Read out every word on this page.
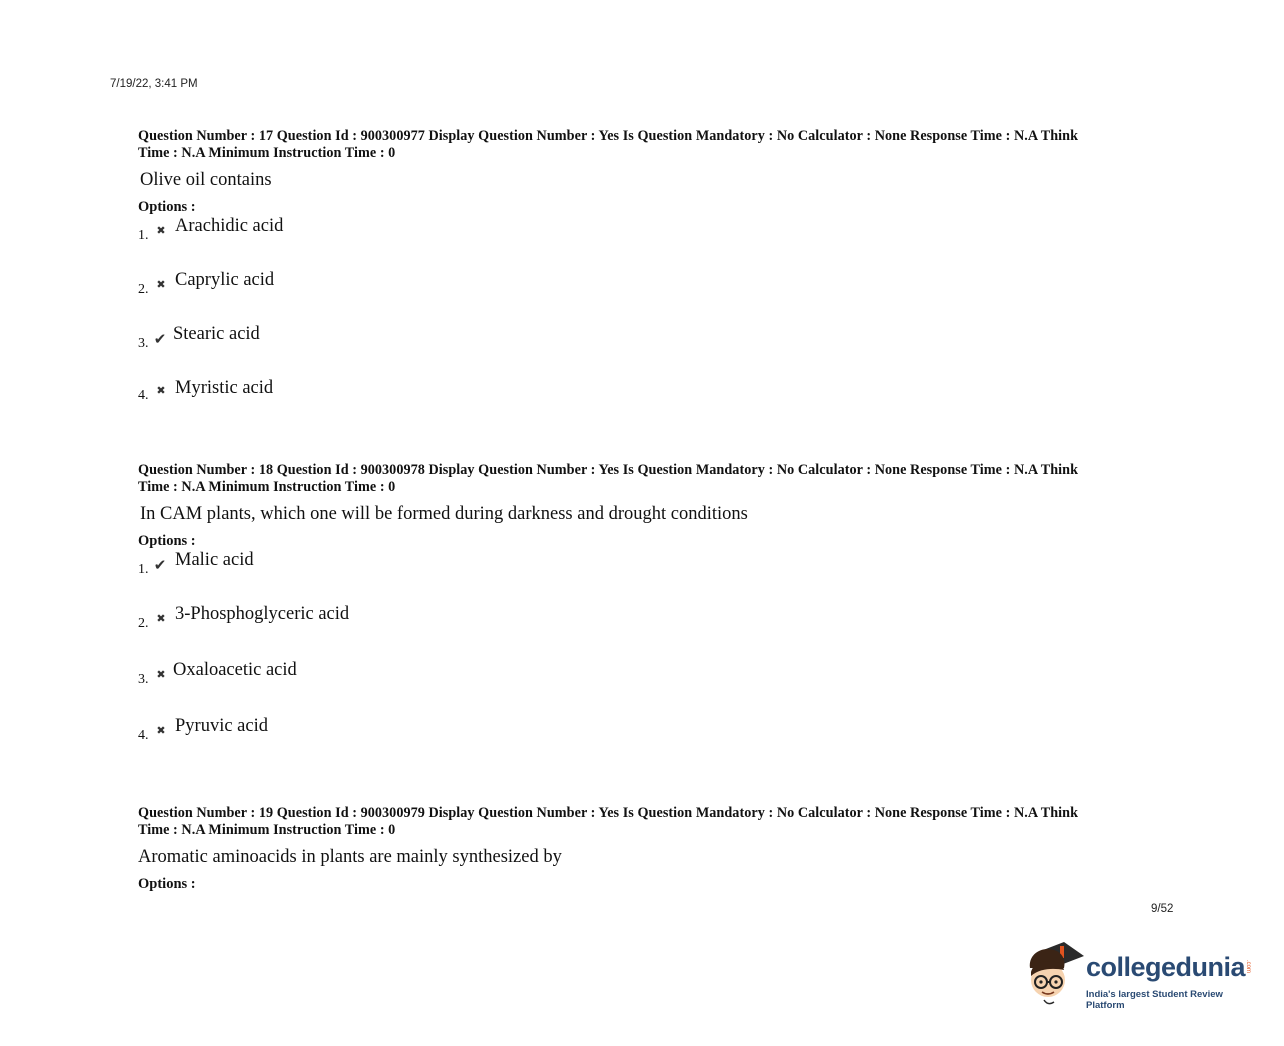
7/19/22, 3:41 PM
Question Number : 17 Question Id : 900300977 Display Question Number : Yes Is Question Mandatory : No Calculator : None Response Time : N.A Think
Time : N.A Minimum Instruction Time : 0
Olive oil contains
Options :
1. ✖ Arachidic acid
2. ✖ Caprylic acid
3. ✔ Stearic acid
4. ✖ Myristic acid
Question Number : 18 Question Id : 900300978 Display Question Number : Yes Is Question Mandatory : No Calculator : None Response Time : N.A Think
Time : N.A Minimum Instruction Time : 0
In CAM plants, which one will be formed during darkness and drought conditions
Options :
1. ✔ Malic acid
2. ✖ 3-Phosphoglyceric acid
3. ✖ Oxaloacetic acid
4. ✖ Pyruvic acid
Question Number : 19 Question Id : 900300979 Display Question Number : Yes Is Question Mandatory : No Calculator : None Response Time : N.A Think
Time : N.A Minimum Instruction Time : 0
Aromatic aminoacids in plants are mainly synthesized by
Options :
9/52
collegedunia .com
India's largest Student Review Platform
